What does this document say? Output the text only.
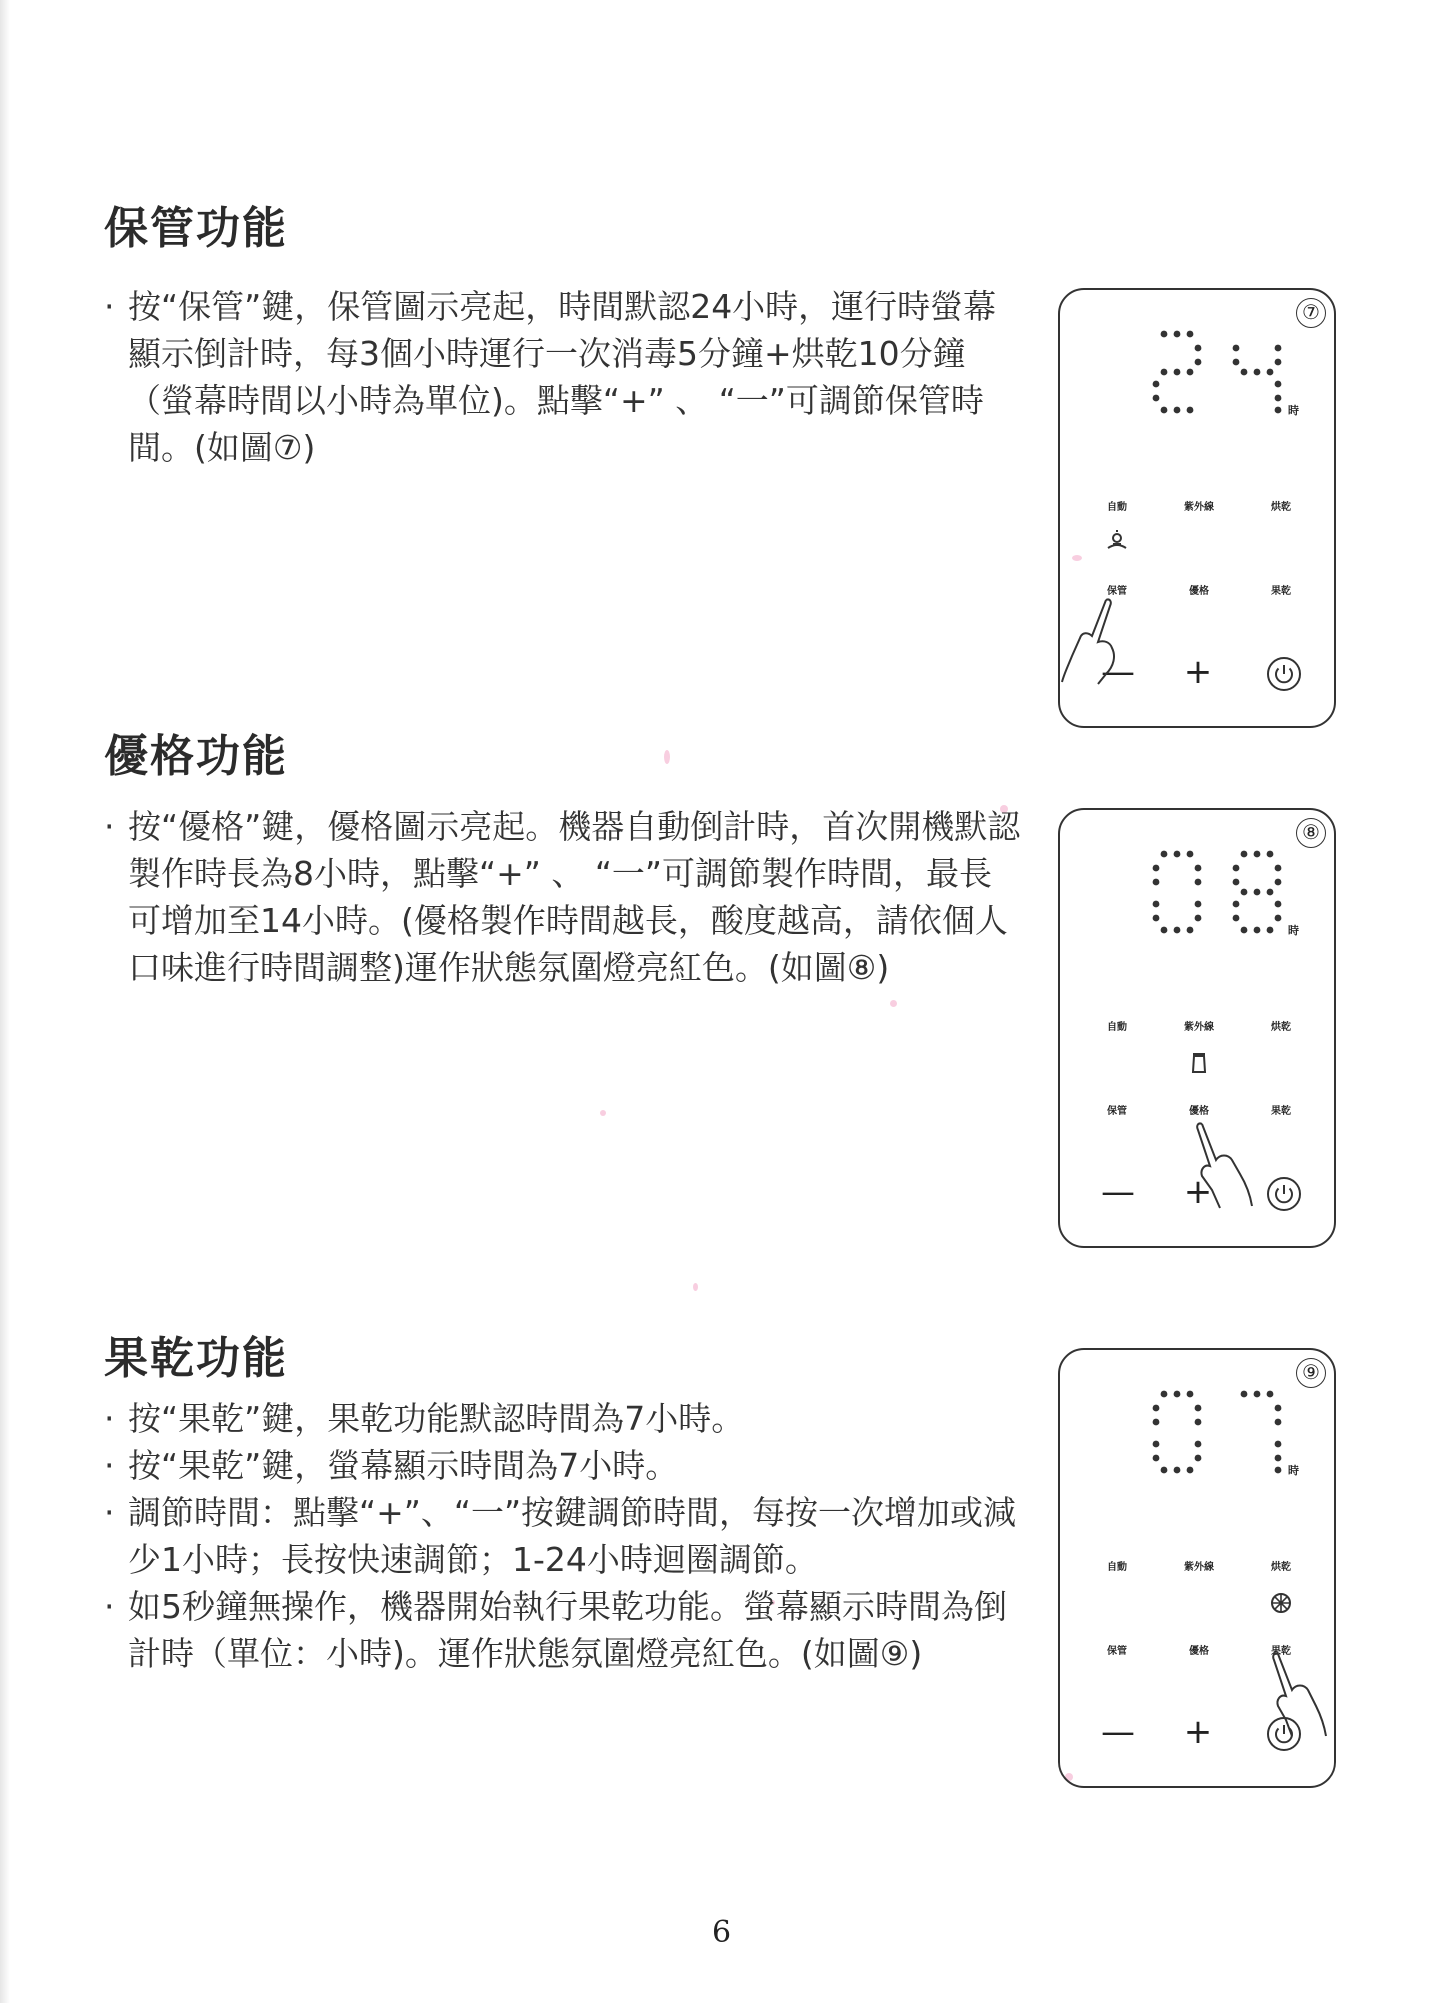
保管功能
· 按“保管”鍵，保管圖示亮起，時間默認24小時，運行時螢幕顯示倒計時，每3個小時運行一次消毒5分鐘+烘乾10分鐘（螢幕時間以小時為單位)。點擊“+” 、 “一”可調節保管時間。(如圖⑦)
⑦
時
自動	紫外線	烘乾
保管	優格	果乾
— +
優格功能
· 按“優格”鍵，優格圖示亮起。機器自動倒計時，首次開機默認製作時長為8小時，點擊“+” 、 “一”可調節製作時間，最長可增加至14小時。(優格製作時間越長，酸度越高，請依個人口味進行時間調整)運作狀態氛圍燈亮紅色。(如圖⑧)
⑧
時
自動	紫外線	烘乾
保管	優格	果乾
— +
果乾功能
· 按“果乾”鍵，果乾功能默認時間為7小時。
· 按“果乾”鍵，螢幕顯示時間為7小時。
· 調節時間：點擊“+”、“一”按鍵調節時間，每按一次增加或減少1小時；長按快速調節；1-24小時迴圈調節。
· 如5秒鐘無操作，機器開始執行果乾功能。螢幕顯示時間為倒計時（單位：小時)。運作狀態氛圍燈亮紅色。(如圖⑨)
⑨
時
自動	紫外線	烘乾
保管	優格	果乾
— +
6
